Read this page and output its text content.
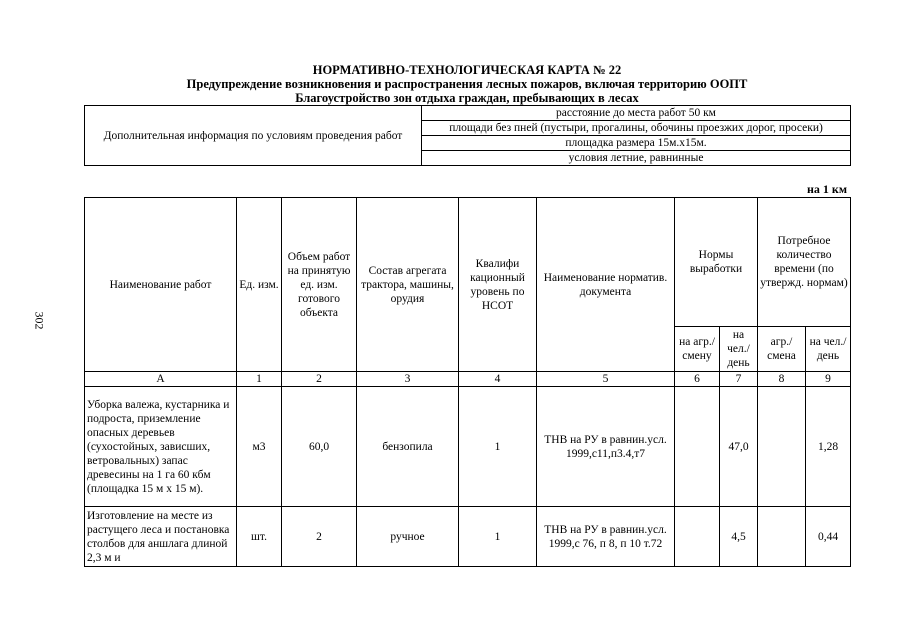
302
НОРМАТИВНО-ТЕХНОЛОГИЧЕСКАЯ КАРТА № 22
Предупреждение возникновения и распространения лесных пожаров, включая территорию ООПТ
Благоустройство зон отдыха граждан, пребывающих в лесах
Дополнительная информация по условиям проведения работ	расстояние до места работ 50 км
площади без пней (пустыри, прогалины, обочины проезжих дорог, просеки)
площадка размера 15м.х15м.
условия летние, равнинные
на 1 км
Наименование работ	Ед. изм.	Объем работ на принятую ед. изм. готового объекта	Состав агрегата трактора, машины, орудия	Квалифи кационный уровень по НСОТ	Наименование норматив. документа	Нормы выработки		Потребное количество времени (по утвержд. нормам)	
						на агр./ смену	на чел./ день	агр./ смена	на чел./ день
А	1	2	3	4	5	6	7	8	9
Уборка валежа, кустарника и подроста, приземление опасных деревьев (сухостойных, зависших, ветровальных) запас древесины на 1 га 60 кбм (площадка 15 м х 15 м).	м3	60,0	бензопила	1	ТНВ на РУ в равнин.усл. 1999,с11,п3.4,т7		47,0		1,28
Изготовление на месте из растущего леса и постановка столбов для аншлага длиной 2,3 м и	шт.	2	ручное	1	ТНВ на РУ в равнин.усл. 1999,с 76, п 8, п 10 т.72		4,5		0,44
